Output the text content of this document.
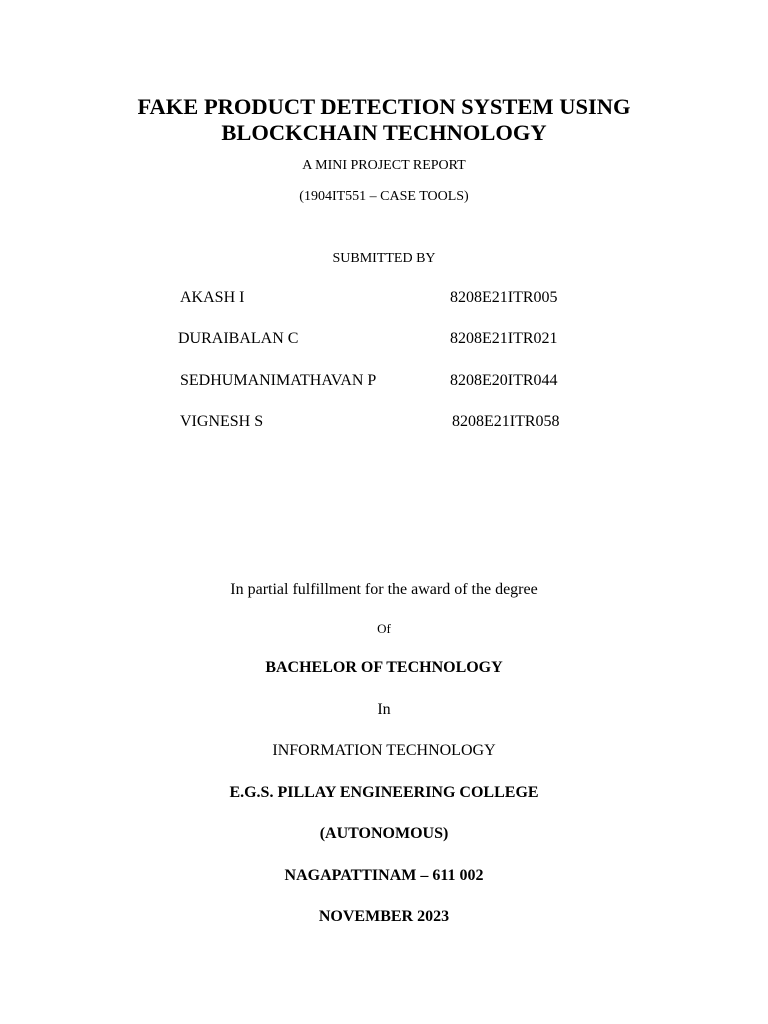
FAKE PRODUCT DETECTION SYSTEM USING
BLOCKCHAIN TECHNOLOGY
A MINI PROJECT REPORT
(1904IT551 – CASE TOOLS)
SUBMITTED BY
AKASH I	8208E21ITR005
DURAIBALAN C	8208E21ITR021
SEDHUMANIMATHAVAN P	8208E20ITR044
VIGNESH S	8208E21ITR058
In partial fulfillment for the award of the degree
Of
BACHELOR OF TECHNOLOGY
In
INFORMATION TECHNOLOGY
E.G.S. PILLAY ENGINEERING COLLEGE
(AUTONOMOUS)
NAGAPATTINAM – 611 002
NOVEMBER 2023
